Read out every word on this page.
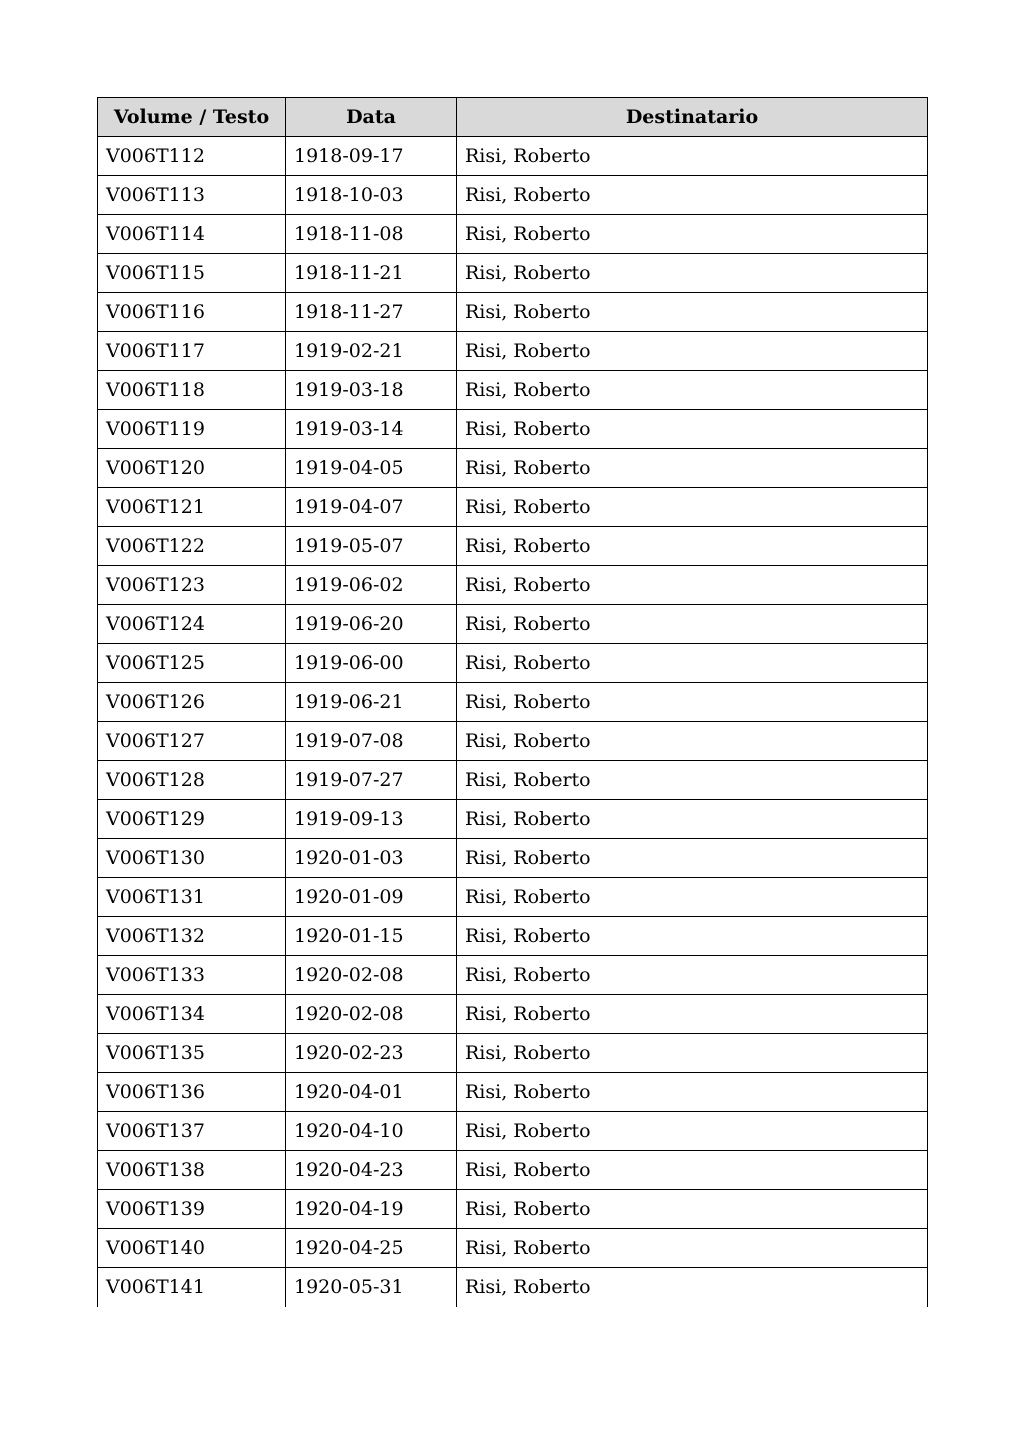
Volume / Testo	Data	Destinatario
V006T112	1918-09-17	Risi, Roberto
V006T113	1918-10-03	Risi, Roberto
V006T114	1918-11-08	Risi, Roberto
V006T115	1918-11-21	Risi, Roberto
V006T116	1918-11-27	Risi, Roberto
V006T117	1919-02-21	Risi, Roberto
V006T118	1919-03-18	Risi, Roberto
V006T119	1919-03-14	Risi, Roberto
V006T120	1919-04-05	Risi, Roberto
V006T121	1919-04-07	Risi, Roberto
V006T122	1919-05-07	Risi, Roberto
V006T123	1919-06-02	Risi, Roberto
V006T124	1919-06-20	Risi, Roberto
V006T125	1919-06-00	Risi, Roberto
V006T126	1919-06-21	Risi, Roberto
V006T127	1919-07-08	Risi, Roberto
V006T128	1919-07-27	Risi, Roberto
V006T129	1919-09-13	Risi, Roberto
V006T130	1920-01-03	Risi, Roberto
V006T131	1920-01-09	Risi, Roberto
V006T132	1920-01-15	Risi, Roberto
V006T133	1920-02-08	Risi, Roberto
V006T134	1920-02-08	Risi, Roberto
V006T135	1920-02-23	Risi, Roberto
V006T136	1920-04-01	Risi, Roberto
V006T137	1920-04-10	Risi, Roberto
V006T138	1920-04-23	Risi, Roberto
V006T139	1920-04-19	Risi, Roberto
V006T140	1920-04-25	Risi, Roberto
V006T141	1920-05-31	Risi, Roberto
